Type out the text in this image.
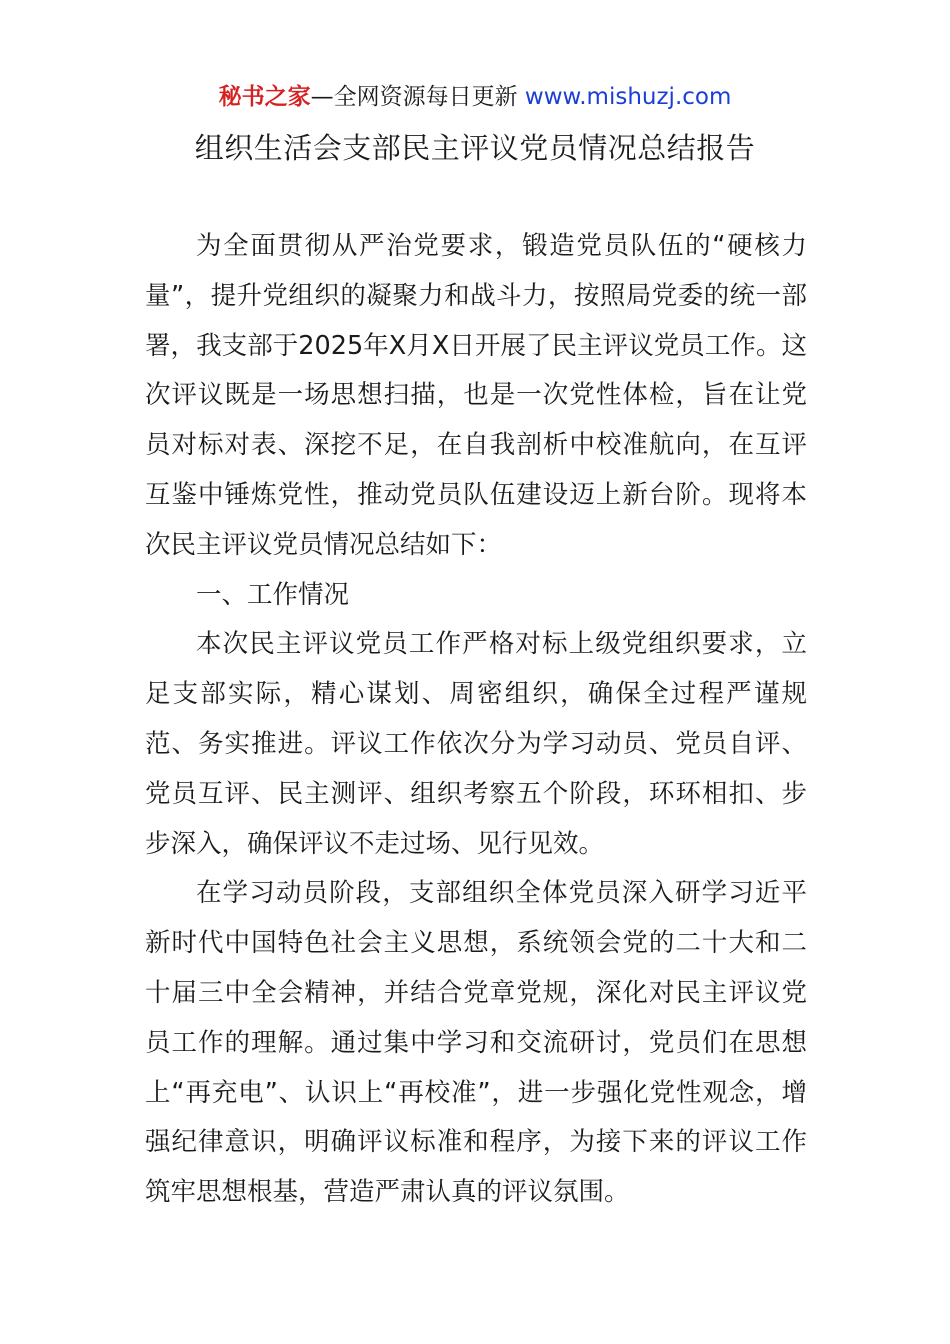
秘书之家—全网资源每日更新 www.mishuzj.com
组织生活会支部民主评议党员情况总结报告

为全面贯彻从严治党要求，锻造党员队伍的“硬核力量”，提升党组织的凝聚力和战斗力，按照局党委的统一部署，我支部于2025年X月X日开展了民主评议党员工作。这次评议既是一场思想扫描，也是一次党性体检，旨在让党员对标对表、深挖不足，在自我剖析中校准航向，在互评互鉴中锤炼党性，推动党员队伍建设迈上新台阶。现将本次民主评议党员情况总结如下：

一、工作情况

本次民主评议党员工作严格对标上级党组织要求，立足支部实际，精心谋划、周密组织，确保全过程严谨规范、务实推进。评议工作依次分为学习动员、党员自评、党员互评、民主测评、组织考察五个阶段，环环相扣、步步深入，确保评议不走过场、见行见效。

在学习动员阶段，支部组织全体党员深入研学习近平新时代中国特色社会主义思想，系统领会党的二十大和二十届三中全会精神，并结合党章党规，深化对民主评议党员工作的理解。通过集中学习和交流研讨，党员们在思想上“再充电”、认识上“再校准”，进一步强化党性观念，增强纪律意识，明确评议标准和程序，为接下来的评议工作筑牢思想根基，营造严肃认真的评议氛围。
